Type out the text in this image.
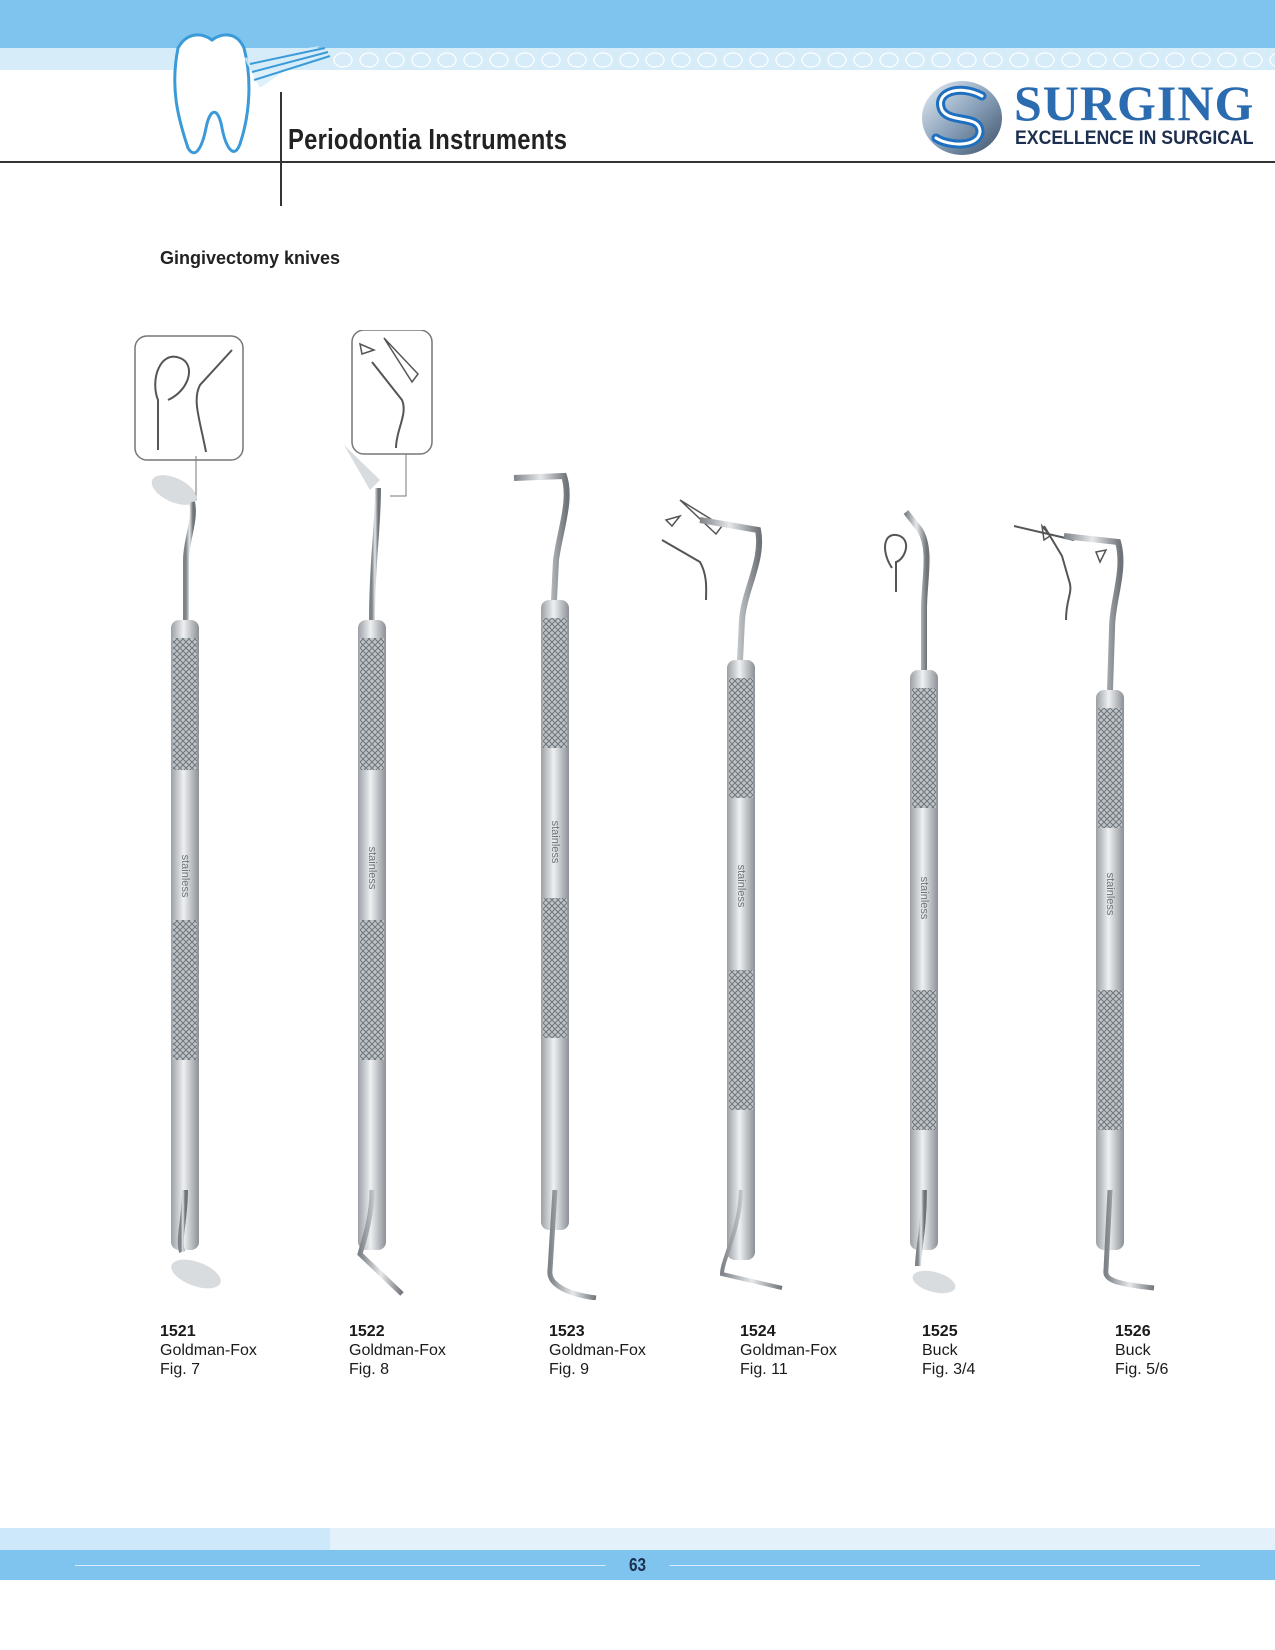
Periodontia Instruments
SURGING
EXCELLENCE IN SURGICAL
Gingivectomy knives
1521
Goldman-Fox
Fig. 7
1522
Goldman-Fox
Fig. 8
1523
Goldman-Fox
Fig. 9
1524
Goldman-Fox
Fig. 11
1525
Buck
Fig. 3/4
1526
Buck
Fig. 5/6
stainless	stainless
stainless
stainless	stainless	stainless
63
